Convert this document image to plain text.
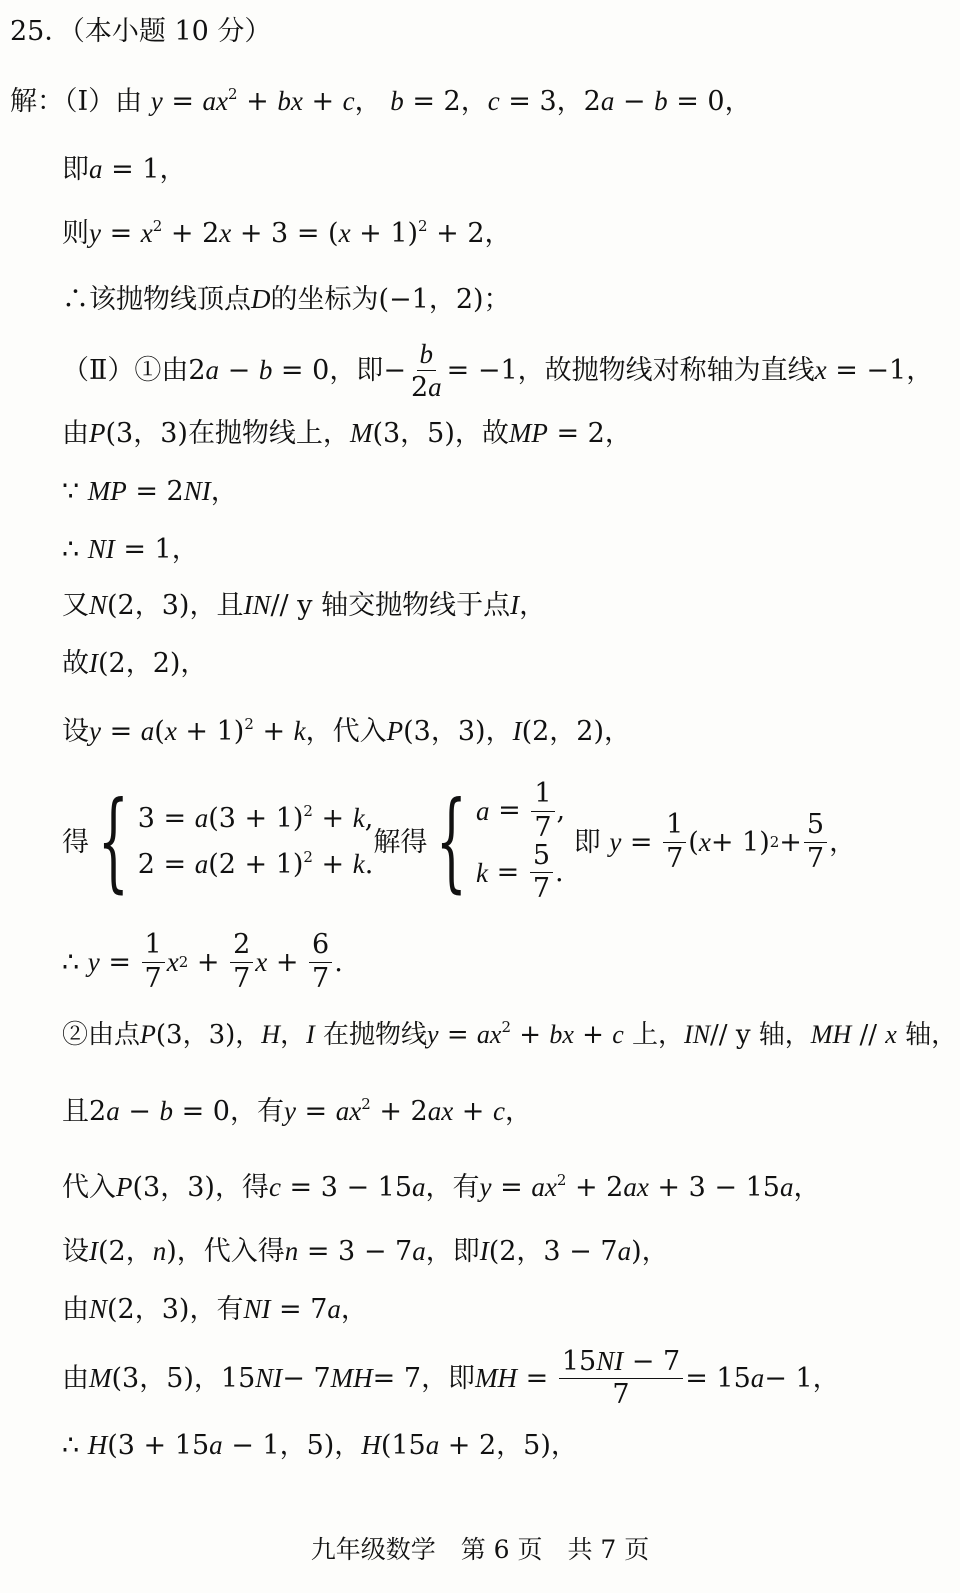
25．（本小题 10 分）
解：（Ⅰ）由 $y = ax^2$ + bx + c， b = 2，c = 3，2a − b = 0，
即a = 1，
则$y = x^2 + 2x + 3 = (x + 1)^2 + 2$，
∴该抛物线顶点D的坐标为(−1，2)；
（Ⅱ）①由2a − b = 0，即− $\frac{b}{2a} = -1$，故抛物线对称轴为直线x = −1，
由P(3，3)在抛物线上，M(3，5)，故MP = 2，
∵ MP = 2NI，
∴ NI = 1，
又N(2，3)，且IN// y 轴交抛物线于点I，
故I(2，2)，
设$y = a(x + 1)^2 + k$，代入P(3，3)，I(2，2)，
得 { $3 = a(3 + 1)^2 + k$,
$2 = a(2 + 1)^2 + k$.
解得 { $a = \frac{1}{7}$ ,
$k = \frac{5}{7}$ .

即
$y = \frac{1}{7}$ ( x + 1) $2 + \frac{5}{7}$ ，
∴ $y = \frac{1}{7}$ x $2 + \frac{2}{7}$ $x + \frac{6}{7}$ .
②由点P(3，3)，H，I 在抛物线$y = ax^2$ + bx + c 上，IN// y 轴，MH // x 轴，
且2a − b = 0，有$y = ax^2 + 2ax + c$，
代入P(3，3)，得c = 3 − 15a，有$y = ax^2 + 2ax + 3 - 15a$，
设I(2，n)，代入得n = 3 − 7a，即I(2，3 − 7a)，
由N(2，3)，有NI = 7a，
由 M (3，5)，15 NI − 7 MH = 7 ，即 MH = $\frac{15NI - 7}{7} = 15$ a − 1，
∴ H(3 + 15a − 1，5)，H(15a + 2，5)，
九年级数学　第 6 页　共 7 页
